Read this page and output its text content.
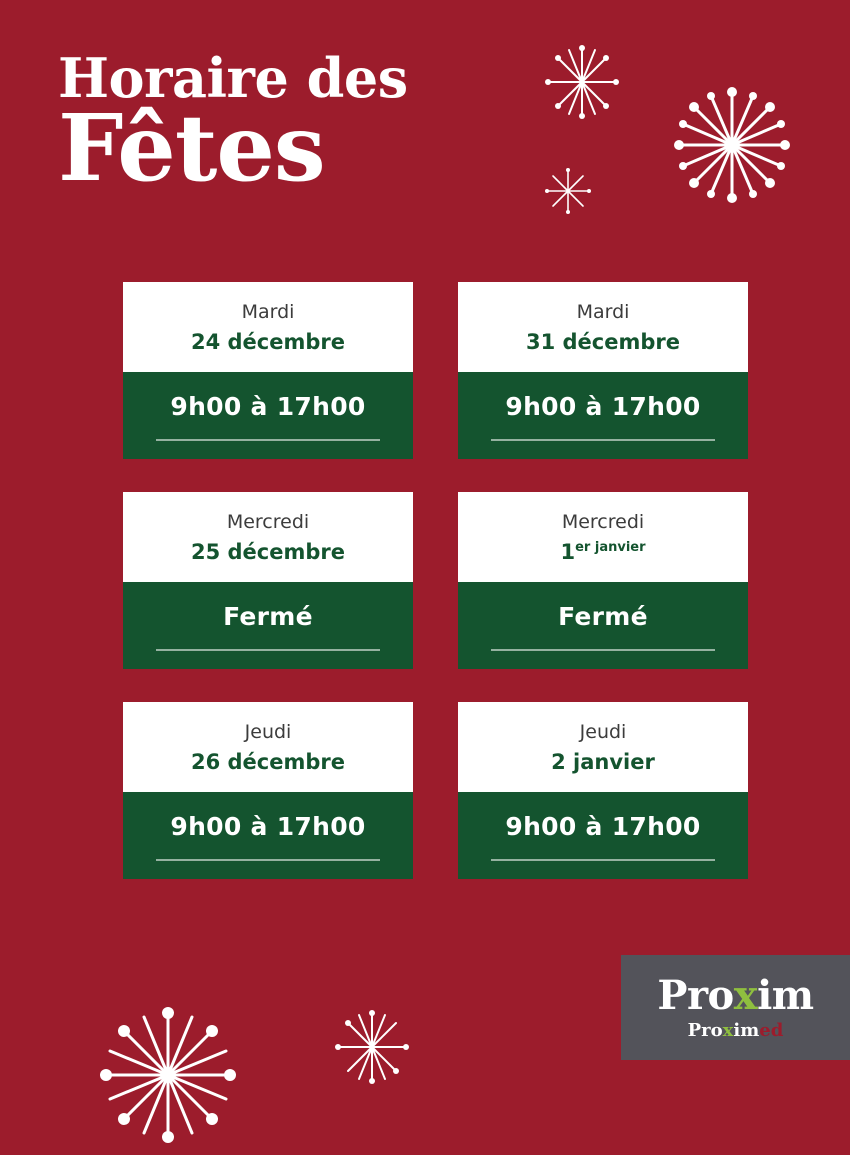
Horaire des
Fêtes
Mardi
24 décembre
9h00 à 17h00
Mardi
31 décembre
9h00 à 17h00
Mercredi
25 décembre
Fermé
Mercredi
$1^{er janvier}$
Fermé
Jeudi
26 décembre
9h00 à 17h00
Jeudi
2 janvier
9h00 à 17h00
Proxim
Proximed
